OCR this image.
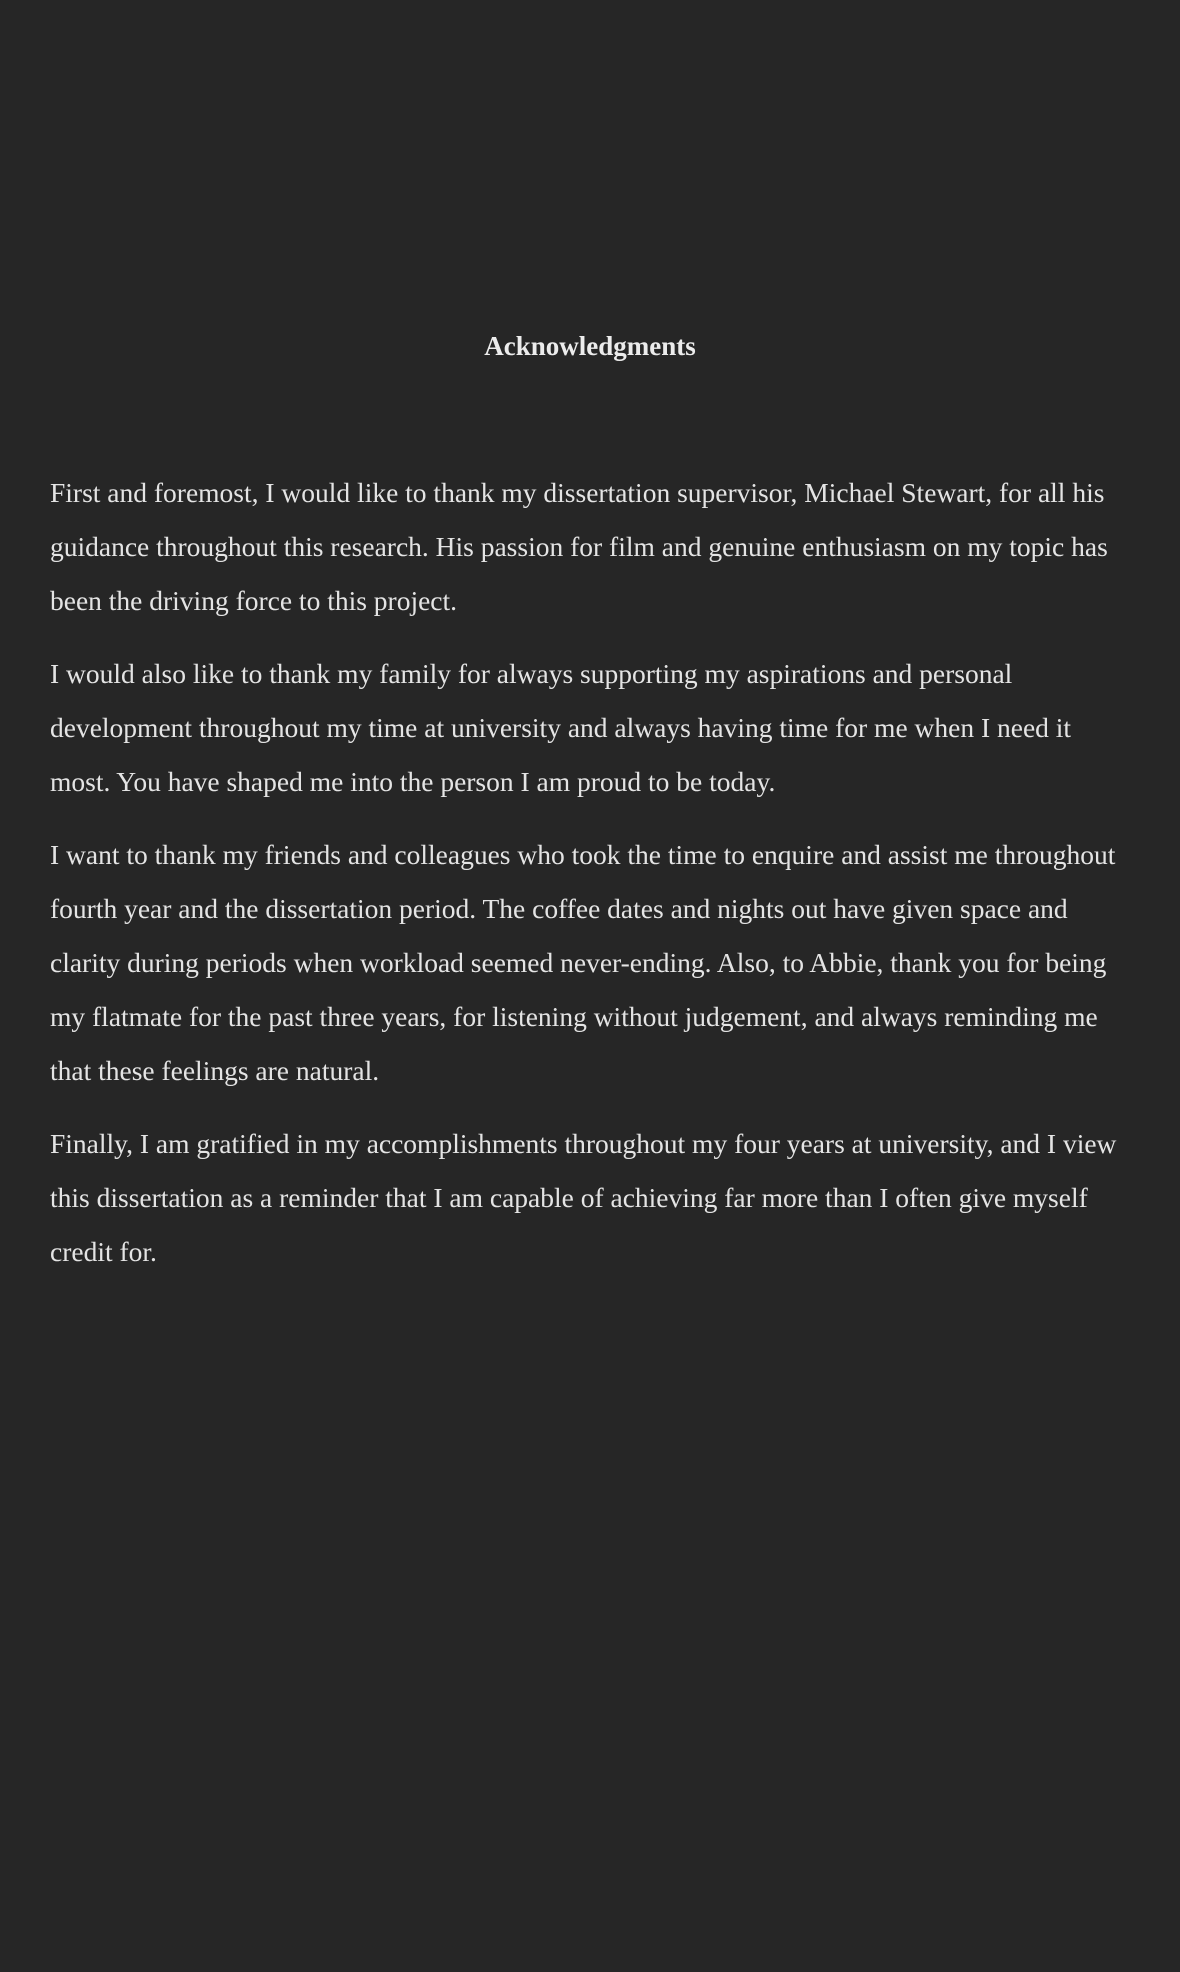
Acknowledgments

First and foremost, I would like to thank my dissertation supervisor, Michael Stewart, for all his guidance throughout this research. His passion for film and genuine enthusiasm on my topic has been the driving force to this project.

I would also like to thank my family for always supporting my aspirations and personal development throughout my time at university and always having time for me when I need it most. You have shaped me into the person I am proud to be today.

I want to thank my friends and colleagues who took the time to enquire and assist me throughout fourth year and the dissertation period. The coffee dates and nights out have given space and clarity during periods when workload seemed never-ending. Also, to Abbie, thank you for being my flatmate for the past three years, for listening without judgement, and always reminding me that these feelings are natural.

Finally, I am gratified in my accomplishments throughout my four years at university, and I view this dissertation as a reminder that I am capable of achieving far more than I often give myself credit for.
